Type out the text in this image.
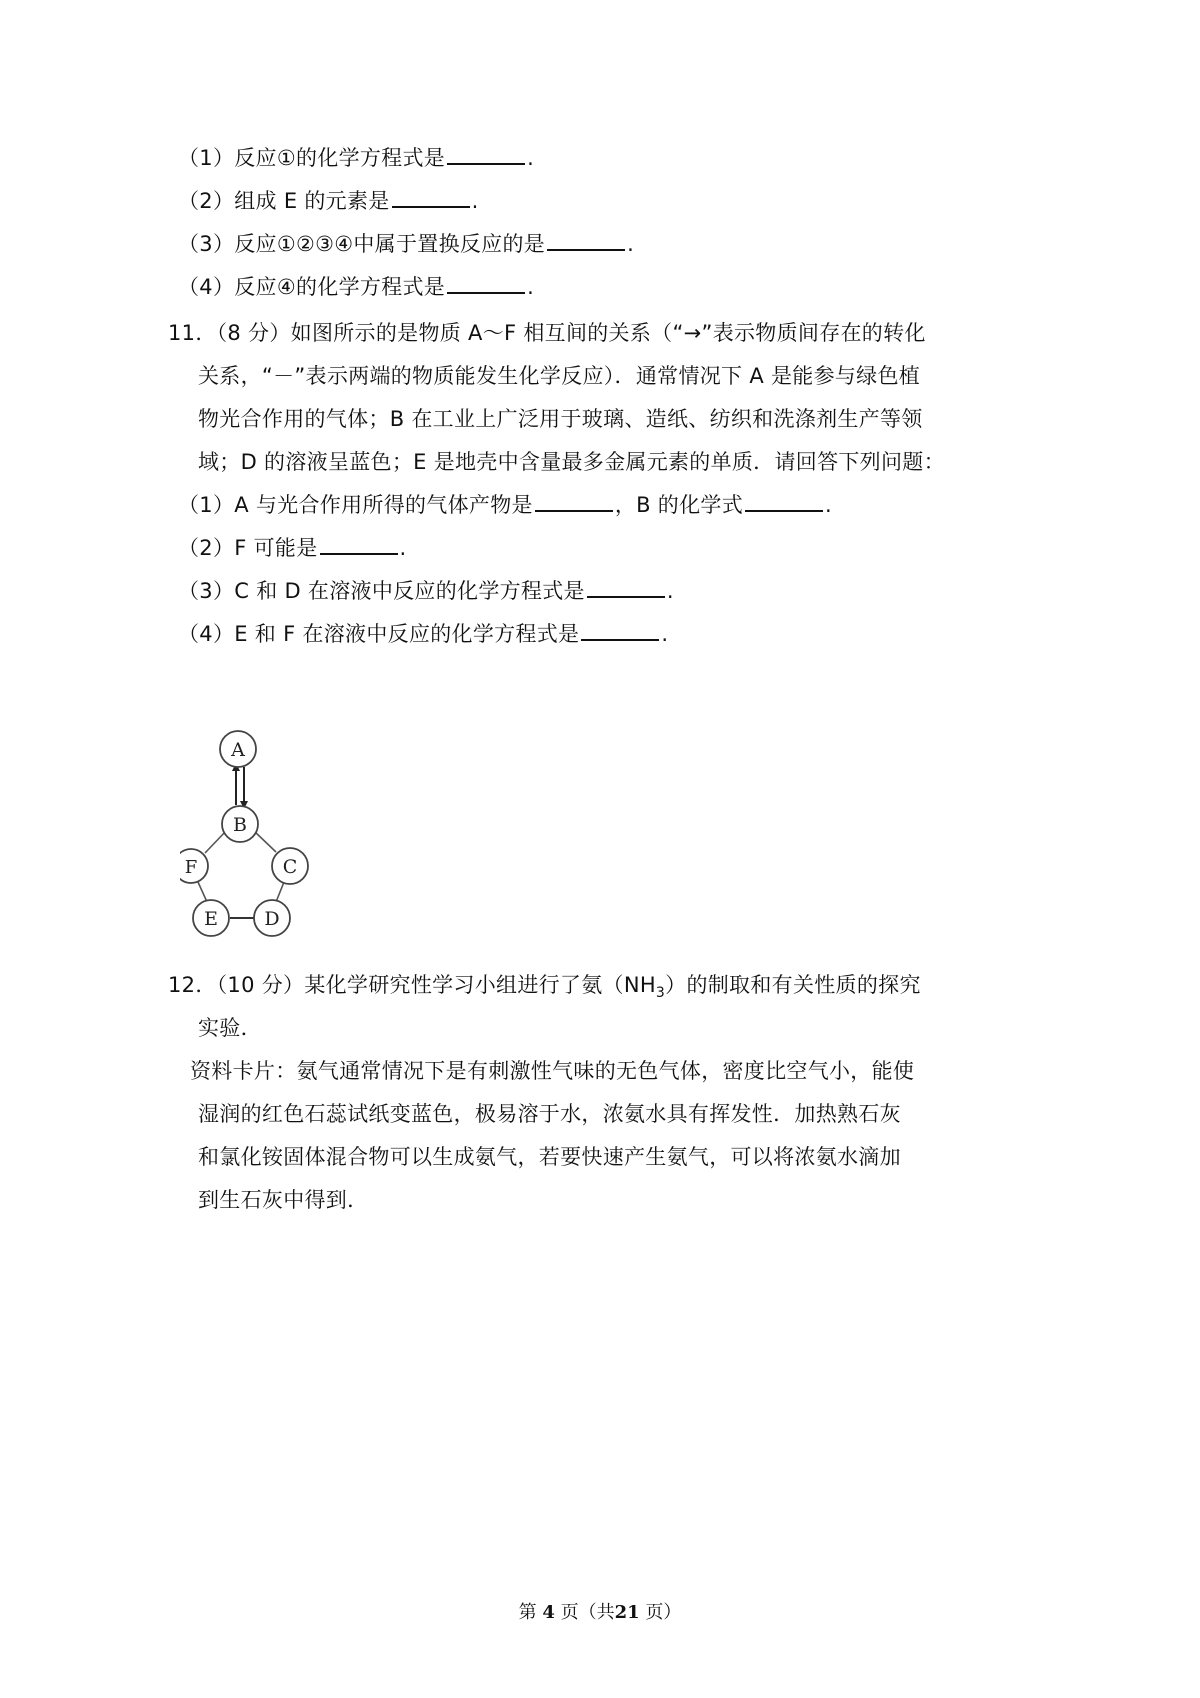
（1）反应①的化学方程式是	.
（2）组成 E 的元素是	.
（3）反应①②③④中属于置换反应的是	.
（4）反应④的化学方程式是	.
11．（8 分）如图所示的是物质 A～F 相互间的关系（“→”表示物质间存在的转化
关系，“－”表示两端的物质能发生化学反应）．通常情况下 A 是能参与绿色植
物光合作用的气体；B 在工业上广泛用于玻璃、造纸、纺织和洗涤剂生产等领
域；D 的溶液呈蓝色；E 是地壳中含量最多金属元素的单质．请回答下列问题：
（1）A 与光合作用所得的气体产物是	，B 的化学式	.
（2）F 可能是	.
（3）C 和 D 在溶液中反应的化学方程式是	.
（4）E 和 F 在溶液中反应的化学方程式是	.
A
B
F	C
E D
12．（10 分）某化学研究性学习小组进行了氨$(NH_3)$的制取和有关性质的探究
实验．
资料卡片：氨气通常情况下是有刺激性气味的无色气体，密度比空气小，能使
湿润的红色石蕊试纸变蓝色，极易溶于水，浓氨水具有挥发性．加热熟石灰
和氯化铵固体混合物可以生成氨气，若要快速产生氨气，可以将浓氨水滴加
到生石灰中得到．
第 4 页（共21 页）
